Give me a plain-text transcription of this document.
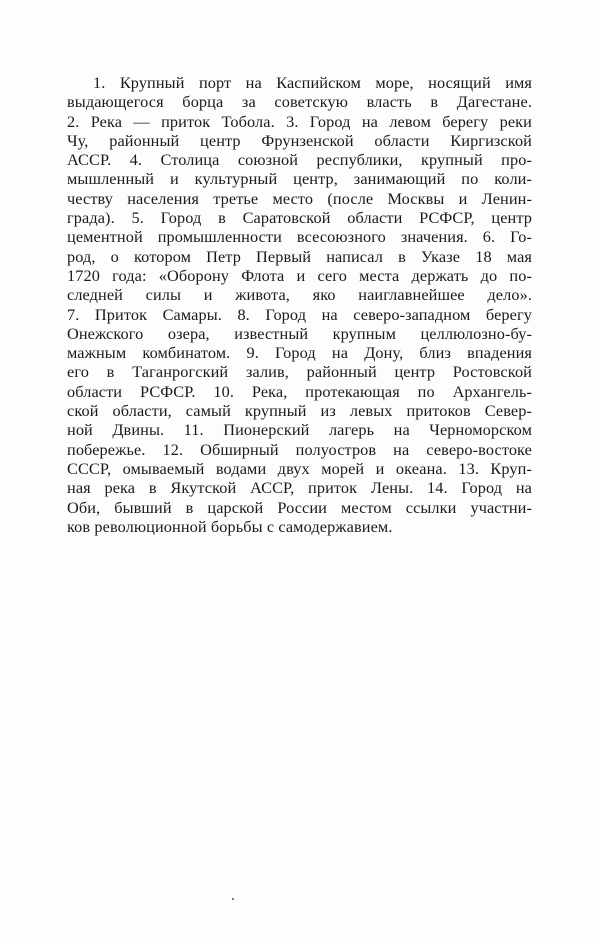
1. Крупный порт на Каспийском море, носящий имя
выдающегося борца за советскую власть в Дагестане.
2. Река — приток Тобола. 3. Город на левом берегу реки
Чу, районный центр Фрунзенской области Киргизской
АССР. 4. Столица союзной республики, крупный про-
мышленный и культурный центр, занимающий по коли-
честву населения третье место (после Москвы и Ленин-
града). 5. Город в Саратовской области РСФСР, центр
цементной промышленности всесоюзного значения. 6. Го-
род, о котором Петр Первый написал в Указе 18 мая
1720 года: «Оборону Флота и сего места держать до по-
следней силы и живота, яко наиглавнейшее дело».
7. Приток Самары. 8. Город на северо-западном берегу
Онежского озера, известный крупным целлюлозно-бу-
мажным комбинатом. 9. Город на Дону, близ впадения
его в Таганрогский залив, районный центр Ростовской
области РСФСР. 10. Река, протекающая по Архангель-
ской области, самый крупный из левых притоков Север-
ной Двины. 11. Пионерский лагерь на Черноморском
побережье. 12. Обширный полуостров на северо-востоке
СССР, омываемый водами двух морей и океана. 13. Круп-
ная река в Якутской АССР, приток Лены. 14. Город на
Оби, бывший в царской России местом ссылки участни-
ков революционной борьбы с самодержавием.
